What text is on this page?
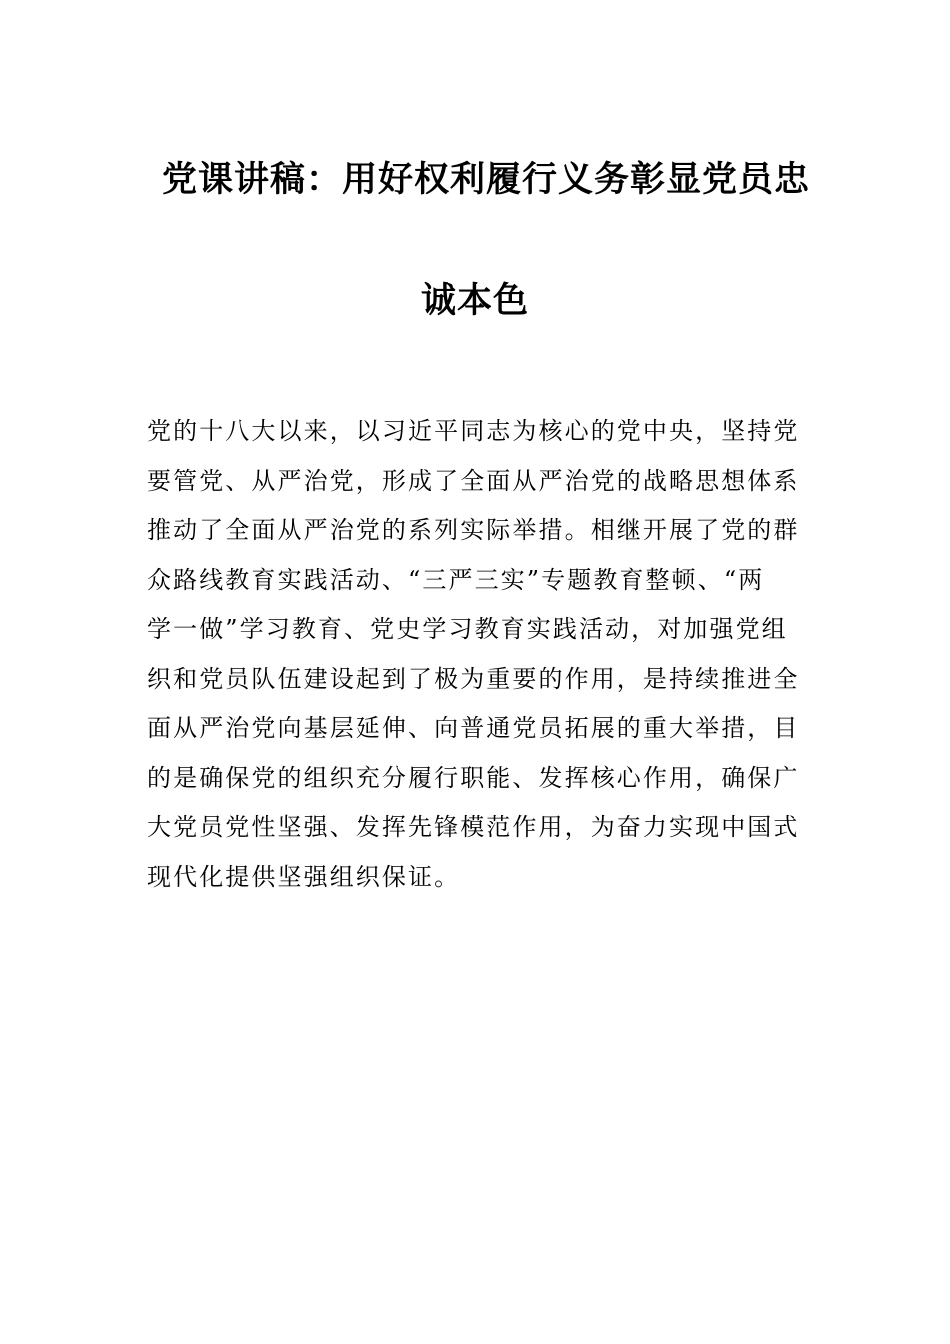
党课讲稿：用好权利履行义务彰显党员忠
诚本色
党的十八大以来，以习近平同志为核心的党中央，坚持党
要管党、从严治党，形成了全面从严治党的战略思想体系
推动了全面从严治党的系列实际举措。相继开展了党的群
众路线教育实践活动、“三严三实”专题教育整顿、“两
学一做”学习教育、党史学习教育实践活动，对加强党组
织和党员队伍建设起到了极为重要的作用，是持续推进全
面从严治党向基层延伸、向普通党员拓展的重大举措，目
的是确保党的组织充分履行职能、发挥核心作用，确保广
大党员党性坚强、发挥先锋模范作用，为奋力实现中国式
现代化提供坚强组织保证。
